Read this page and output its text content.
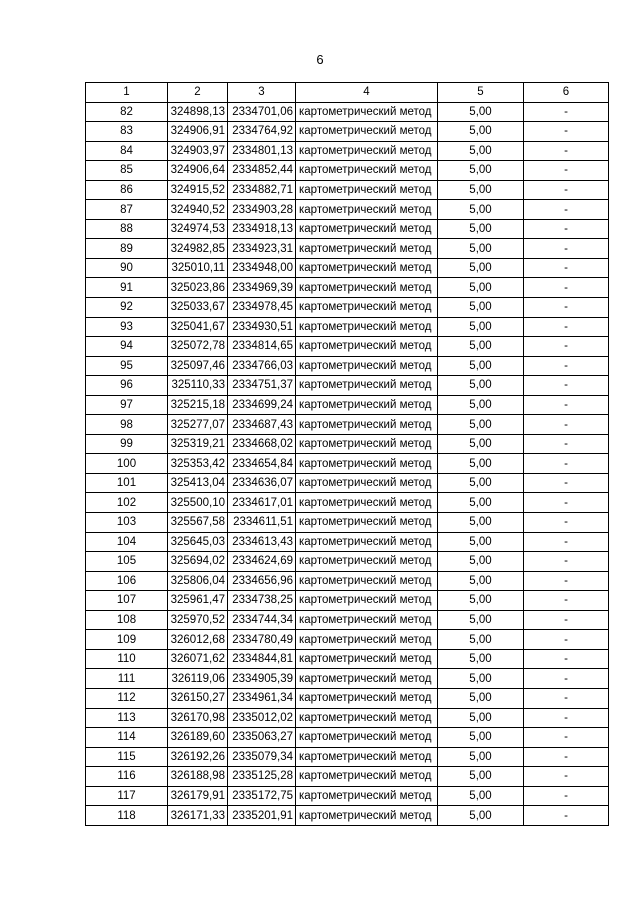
6
1	2	3	4	5	6
82	324898,13	2334701,06	картометрический метод	5,00	-
83	324906,91	2334764,92	картометрический метод	5,00	-
84	324903,97	2334801,13	картометрический метод	5,00	-
85	324906,64	2334852,44	картометрический метод	5,00	-
86	324915,52	2334882,71	картометрический метод	5,00	-
87	324940,52	2334903,28	картометрический метод	5,00	-
88	324974,53	2334918,13	картометрический метод	5,00	-
89	324982,85	2334923,31	картометрический метод	5,00	-
90	325010,11	2334948,00	картометрический метод	5,00	-
91	325023,86	2334969,39	картометрический метод	5,00	-
92	325033,67	2334978,45	картометрический метод	5,00	-
93	325041,67	2334930,51	картометрический метод	5,00	-
94	325072,78	2334814,65	картометрический метод	5,00	-
95	325097,46	2334766,03	картометрический метод	5,00	-
96	325110,33	2334751,37	картометрический метод	5,00	-
97	325215,18	2334699,24	картометрический метод	5,00	-
98	325277,07	2334687,43	картометрический метод	5,00	-
99	325319,21	2334668,02	картометрический метод	5,00	-
100	325353,42	2334654,84	картометрический метод	5,00	-
101	325413,04	2334636,07	картометрический метод	5,00	-
102	325500,10	2334617,01	картометрический метод	5,00	-
103	325567,58	2334611,51	картометрический метод	5,00	-
104	325645,03	2334613,43	картометрический метод	5,00	-
105	325694,02	2334624,69	картометрический метод	5,00	-
106	325806,04	2334656,96	картометрический метод	5,00	-
107	325961,47	2334738,25	картометрический метод	5,00	-
108	325970,52	2334744,34	картометрический метод	5,00	-
109	326012,68	2334780,49	картометрический метод	5,00	-
110	326071,62	2334844,81	картометрический метод	5,00	-
111	326119,06	2334905,39	картометрический метод	5,00	-
112	326150,27	2334961,34	картометрический метод	5,00	-
113	326170,98	2335012,02	картометрический метод	5,00	-
114	326189,60	2335063,27	картометрический метод	5,00	-
115	326192,26	2335079,34	картометрический метод	5,00	-
116	326188,98	2335125,28	картометрический метод	5,00	-
117	326179,91	2335172,75	картометрический метод	5,00	-
118	326171,33	2335201,91	картометрический метод	5,00	-
